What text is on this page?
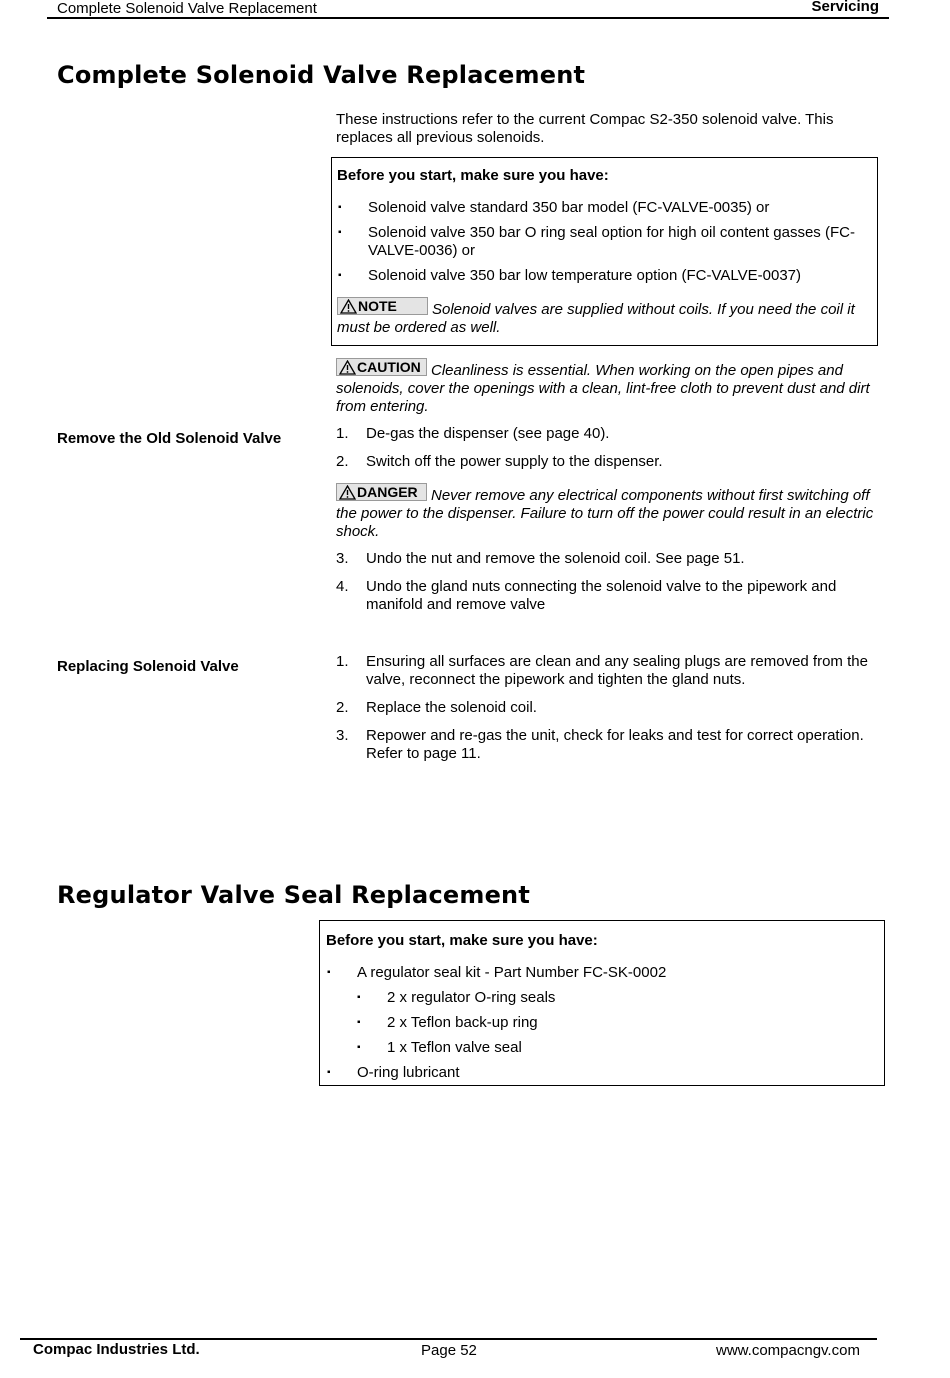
Complete Solenoid Valve Replacement	Servicing
Complete Solenoid Valve Replacement
These instructions refer to the current Compac S2-350 solenoid valve. This replaces all previous solenoids.
Before you start, make sure you have:
▪ Solenoid valve standard 350 bar model (FC-VALVE-0035) or
▪ Solenoid valve 350 bar O ring seal option for high oil content gasses (FC-VALVE-0036) or
▪ Solenoid valve 350 bar low temperature option (FC-VALVE-0037)
NOTE Solenoid valves are supplied without coils. If you need the coil it must be ordered as well.
CAUTION Cleanliness is essential. When working on the open pipes and solenoids, cover the openings with a clean, lint-free cloth to prevent dust and dirt from entering.
Remove the Old Solenoid Valve	1. De-gas the dispenser (see page 40).
2. Switch off the power supply to the dispenser.
DANGER Never remove any electrical components without first switching off the power to the dispenser. Failure to turn off the power could result in an electric shock.
3. Undo the nut and remove the solenoid coil. See page 51.
4. Undo the gland nuts connecting the solenoid valve to the pipework and manifold and remove valve
Replacing Solenoid Valve	1. Ensuring all surfaces are clean and any sealing plugs are removed from the valve, reconnect the pipework and tighten the gland nuts.
2. Replace the solenoid coil.
3. Repower and re-gas the unit, check for leaks and test for correct operation. Refer to page 11.
Regulator Valve Seal Replacement
Before you start, make sure you have:
▪ A regulator seal kit - Part Number FC-SK-0002
▪ 2 x regulator O-ring seals
▪ 2 x Teflon back-up ring
▪ 1 x Teflon valve seal
▪ O-ring lubricant
Compac Industries Ltd.	Page 52	www.compacngv.com
